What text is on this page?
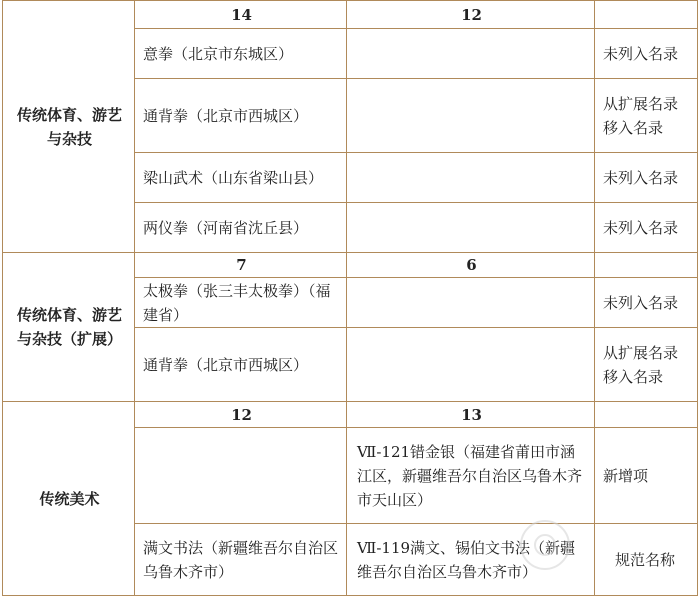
传统体育、游艺与杂技	14	12	
	意拳（北京市东城区）		未列入名录
	通背拳（北京市西城区）		从扩展名录移入名录
	梁山武术（山东省梁山县）		未列入名录
	两仪拳（河南省沈丘县）		未列入名录
传统体育、游艺与杂技（扩展）	7	6	
	太极拳（张三丰太极拳）（福建省）		未列入名录
	通背拳（北京市西城区）		从扩展名录移入名录
传统美术	12	13	
		Ⅶ-121错金银（福建省莆田市涵江区，新疆维吾尔自治区乌鲁木齐市天山区）	新增项
	满文书法（新疆维吾尔自治区乌鲁木齐市）	Ⅶ-119满文、锡伯文书法（新疆维吾尔自治区乌鲁木齐市）	规范名称
